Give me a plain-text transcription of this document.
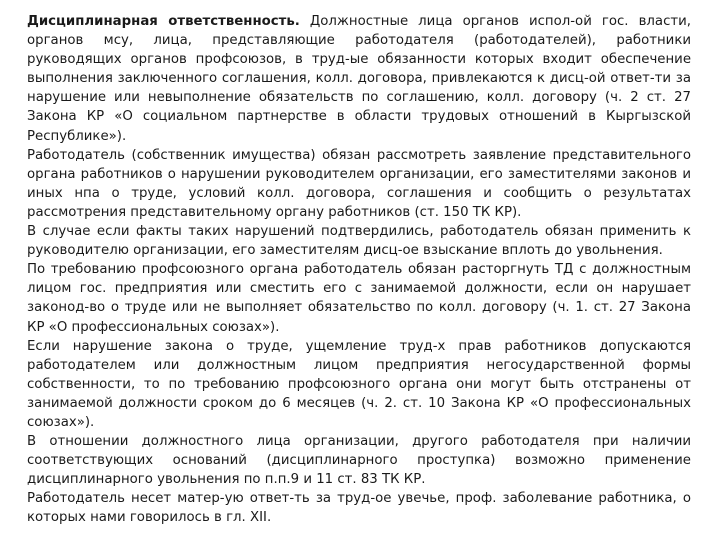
Дисциплинарная ответственность. Должностные лица органов испол-ой гос. власти, органов мсу, лица, представляющие работодателя (работодателей), работники руководящих органов профсоюзов, в труд-ые обязанности которых входит обеспечение выполнения заключенного соглашения, колл. договора, привлекаются к дисц-ой ответ-ти за нарушение или невыполнение обязательств по соглашению, колл. договору (ч. 2 ст. 27 Закона КР «О социальном партнерстве в области трудовых отношений в Кыргызской Республике»).

Работодатель (собственник имущества) обязан рассмотреть заявление представительного органа работников о нарушении руководителем организации, его заместителями законов и иных нпа о труде, условий колл. договора, соглашения и сообщить о результатах рассмотрения представительному органу работников (ст. 150 ТК КР).

В случае если факты таких нарушений подтвердились, работодатель обязан применить к руководителю организации, его заместителям дисц-ое взыскание вплоть до увольнения.

По требованию профсоюзного органа работодатель обязан расторгнуть ТД с должностным лицом гос. предприятия или сместить его с занимаемой должности, если он нарушает законод-во о труде или не выполняет обязательство по колл. договору (ч. 1. ст. 27 Закона КР «О профессиональных союзах»).

Если нарушение закона о труде, ущемление труд-х прав работников допускаются работодателем или должностным лицом предприятия негосударственной формы собственности, то по требованию профсоюзного органа они могут быть отстранены от занимаемой должности сроком до 6 месяцев (ч. 2. ст. 10 Закона КР «О профессиональных союзах»).

В отношении должностного лица организации, другого работодателя при наличии соответствующих оснований (дисциплинарного проступка) возможно применение дисциплинарного увольнения по п.п.9 и 11 ст. 83 ТК КР.

Работодатель несет матер-ую ответ-ть за труд-ое увечье, проф. заболевание работника, о которых нами говорилось в гл. XII.
